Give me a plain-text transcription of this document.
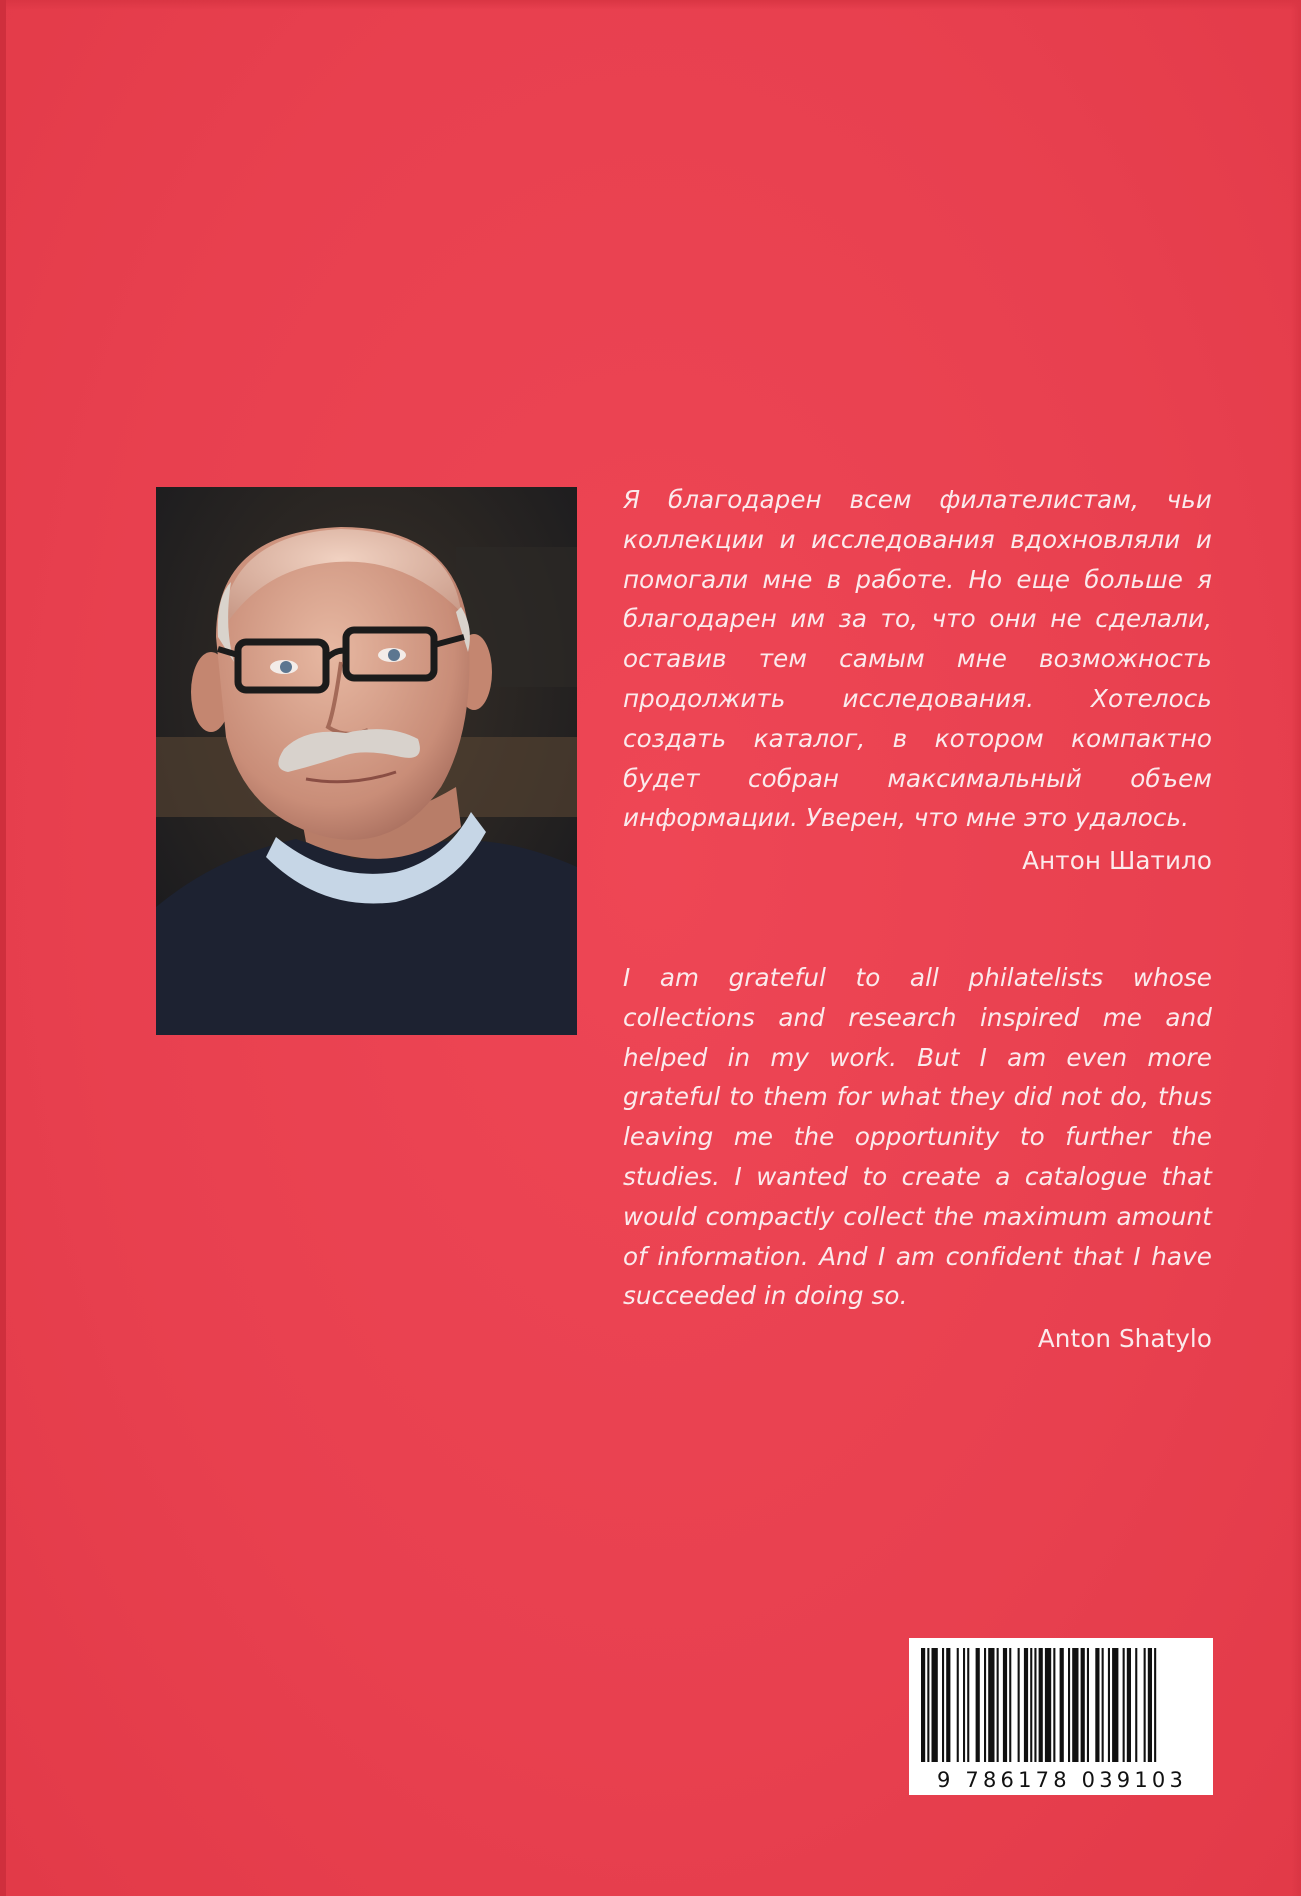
Я благодарен всем филателистам, чьи коллекции и исследования вдохновляли и помогали мне в работе. Но еще больше я благодарен им за то, что они не сделали, оставив тем самым мне возможность продолжить исследования. Хотелось создать каталог, в котором компактно будет собран максимальный объем информации. Уверен, что мне это удалось.
Антон Шатило
I am grateful to all philatelists whose collections and research inspired me and helped in my work. But I am even more grateful to them for what they did not do, thus leaving me the opportunity to further the studies. I wanted to create a catalogue that would compactly collect the maximum amount of information. And I am confident that I have succeeded in doing so.
Anton Shatylo
9 786178 039103
